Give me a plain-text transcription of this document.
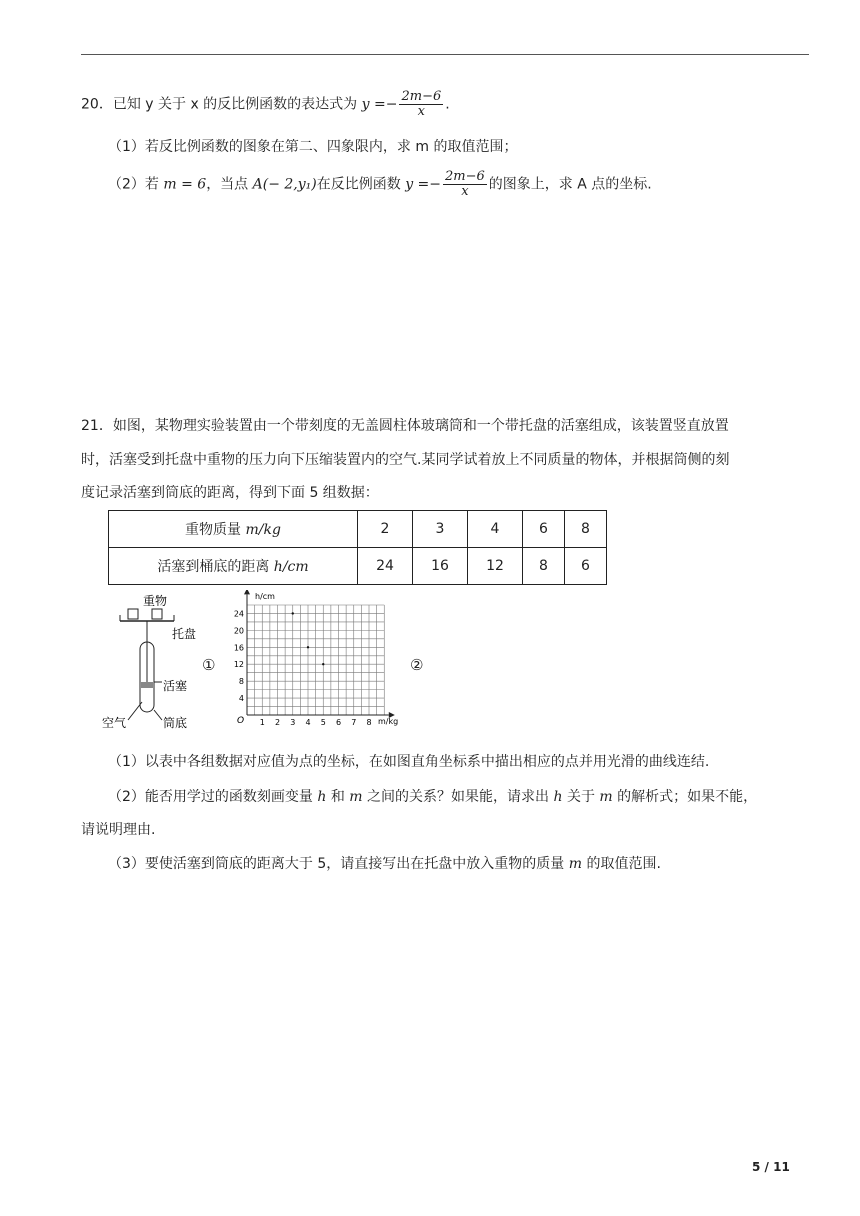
20．已知 y 关于 x 的反比例函数的表达式为 $y =- \frac{2m-6}{x}$ .
（1）若反比例函数的图象在第二、四象限内，求 m 的取值范围；
（2）若 m = 6，当点 A(− 2,y₁)在反比例函数 $y =- \frac{2m-6}{x}$ 的图象上，求 A 点的坐标.
21．如图，某物理实验装置由一个带刻度的无盖圆柱体玻璃筒和一个带托盘的活塞组成，该装置竖直放置
时，活塞受到托盘中重物的压力向下压缩装置内的空气.某同学试着放上不同质量的物体，并根据筒侧的刻
度记录活塞到筒底的距离，得到下面 5 组数据：
重物质量 m/kg	2	3	4	6	8
活塞到桶底的距离 h/cm	24	16	12	8	6
重物
托盘
活塞
空气	筒底
①
h/cm
m/kg
O 1 2 3 4 5 6 7 8
4
8
12
16
20
24
②
（1）以表中各组数据对应值为点的坐标，在如图直角坐标系中描出相应的点并用光滑的曲线连结.
（2）能否用学过的函数刻画变量 h 和 m 之间的关系？如果能，请求出 h 关于 m 的解析式；如果不能，
请说明理由.
（3）要使活塞到筒底的距离大于 5，请直接写出在托盘中放入重物的质量 m 的取值范围.
5 / 11
